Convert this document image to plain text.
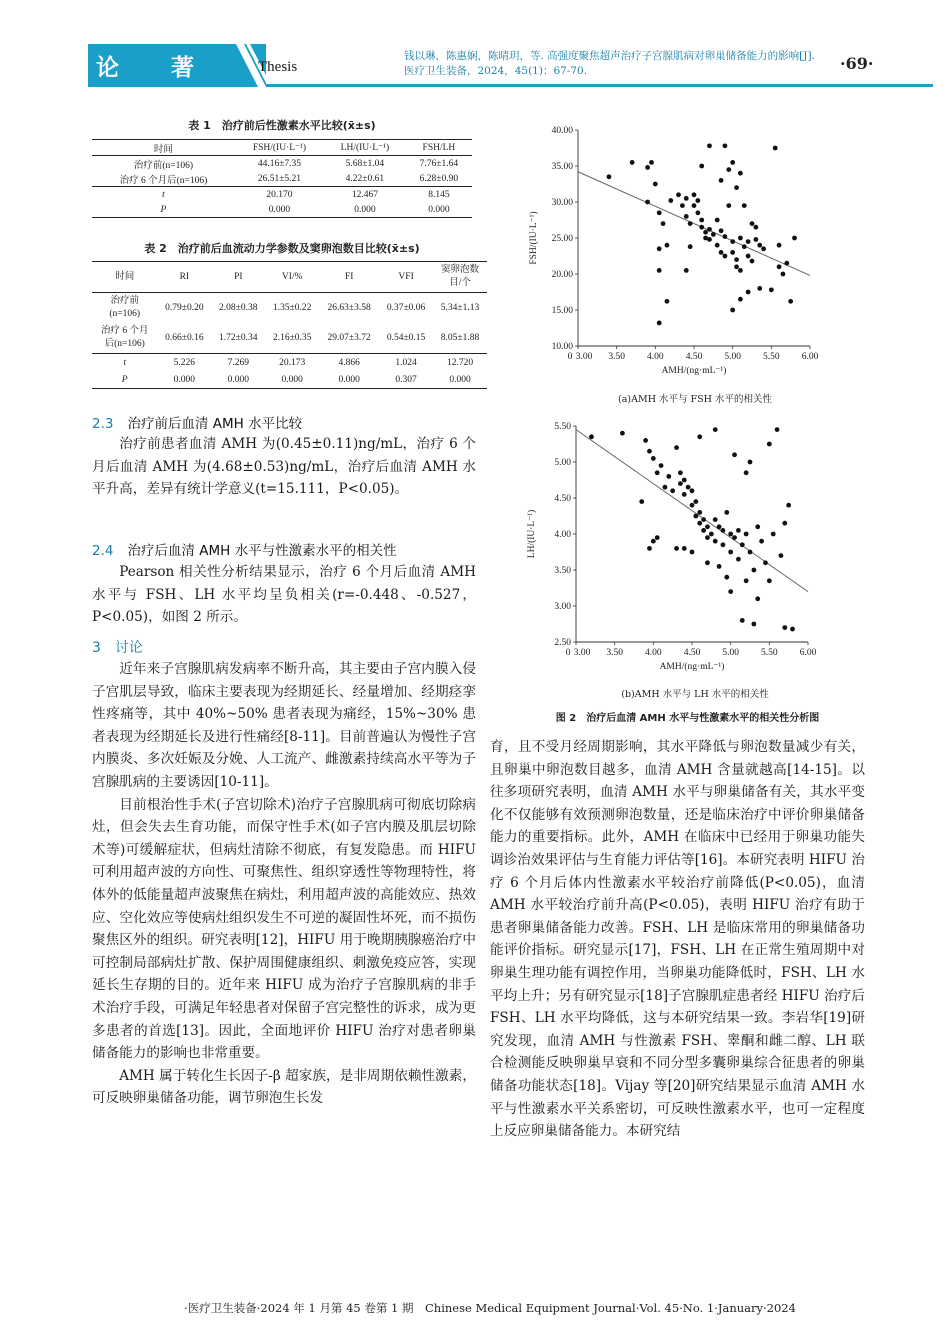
论著 Thesis
钱以琳，陈惠娴，陈晴玥，等. 高强度聚焦超声治疗子宫腺肌病对卵巢储备能力的影响[J]. 医疗卫生装备，2024，45(1)：67-70.	·69·
表 1　治疗前后性激素水平比较(x̄±s)
时间	FSH/(IU·L⁻¹)	LH/(IU·L⁻¹)	FSH/LH
治疗前(n=106)	44.16±7.35	5.68±1.04	7.76±1.64
治疗 6 个月后(n=106)	26.51±5.21	4.22±0.61	6.28±0.90
t	20.170	12.467	8.145
P	0.000	0.000	0.000
表 2　治疗前后血流动力学参数及窦卵泡数目比较(x̄±s)
时间	RI	PI	VI/%	FI	VFI	窦卵泡数
目/个
治疗前
(n=106)	0.79±0.20	2.08±0.38	1.35±0.22	26.63±3.58	0.37±0.06	5.34±1.13
治疗 6 个月
后(n=106)	0.66±0.16	1.72±0.34	2.16±0.35	29.07±3.72	0.54±0.15	8.05±1.88
t	5.226	7.269	20.173	4.866	1.024	12.720
P	0.000	0.000	0.000	0.000	0.307	0.000
2.3 治疗前后血清 AMH 水平比较

治疗前患者血清 AMH 为(0.45±0.11)ng/mL，治疗 6 个月后血清 AMH 为(4.68±0.53)ng/mL，治疗后血清 AMH 水平升高，差异有统计学意义(t=15.111，P<0.05)。

2.4 治疗后血清 AMH 水平与性激素水平的相关性

Pearson 相关性分析结果显示，治疗 6 个月后血清 AMH 水平与 FSH、LH 水平均呈负相关(r=-0.448、-0.527，P<0.05)，如图 2 所示。

3 讨论

近年来子宫腺肌病发病率不断升高，其主要由子宫内膜入侵子宫肌层导致，临床主要表现为经期延长、经量增加、经期痉挛性疼痛等，其中 40%~50% 患者表现为痛经，15%~30% 患者表现为经期延长及进行性痛经[8-11]。目前普遍认为慢性子宫内膜炎、多次妊娠及分娩、人工流产、雌激素持续高水平等为子宫腺肌病的主要诱因[10-11]。

目前根治性手术(子宫切除术)治疗子宫腺肌病可彻底切除病灶，但会失去生育功能，而保守性手术(如子宫内膜及肌层切除术等)可缓解症状，但病灶清除不彻底，有复发隐患。而 HIFU 可利用超声波的方向性、可聚焦性、组织穿透性等物理特性，将体外的低能量超声波聚焦在病灶，利用超声波的高能效应、热效应、空化效应等使病灶组织发生不可逆的凝固性坏死，而不损伤聚焦区外的组织。研究表明[12]，HIFU 用于晚期胰腺癌治疗中可控制局部病灶扩散、保护周围健康组织、刺激免疫应答，实现延长生存期的目的。近年来 HIFU 成为治疗子宫腺肌病的非手术治疗手段，可满足年轻患者对保留子宫完整性的诉求，成为更多患者的首选[13]。因此，全面地评价 HIFU 治疗对患者卵巢储备能力的影响也非常重要。

AMH 属于转化生长因子-β 超家族，是非周期依赖性激素，可反映卵巢储备功能，调节卵泡生长发

育，且不受月经周期影响，其水平降低与卵泡数量减少有关，且卵巢中卵泡数目越多，血清 AMH 含量就越高[14-15]。以往多项研究表明，血清 AMH 水平与卵巢储备有关，其水平变化不仅能够有效预测卵泡数量，还是临床治疗中评价卵巢储备能力的重要指标。此外，AMH 在临床中已经用于卵巢功能失调诊治效果评估与生育能力评估等[16]。本研究表明 HIFU 治疗 6 个月后体内性激素水平较治疗前降低(P<0.05)，血清 AMH 水平较治疗前升高(P<0.05)，表明 HIFU 治疗有助于患者卵巢储备能力改善。FSH、LH 是临床常用的卵巢储备功能评价指标。研究显示[17]，FSH、LH 在正常生殖周期中对卵巢生理功能有调控作用，当卵巢功能降低时，FSH、LH 水平均上升；另有研究显示[18]子宫腺肌症患者经 HIFU 治疗后 FSH、LH 水平均降低，这与本研究结果一致。李岩华[19]研究发现，血清 AMH 与性激素 FSH、睾酮和雌二醇、LH 联合检测能反映卵巢早衰和不同分型多囊卵巢综合征患者的卵巢储备功能状态[18]。Vijay 等[20]研究结果显示血清 AMH 水平与性激素水平关系密切，可反映性激素水平，也可一定程度上反应卵巢储备能力。本研究结

10.00
15.00
20.00
25.00
30.00
35.00
40.00
3.00 3.50 4.00 4.50 5.00 5.50 6.00
0
AMH/(ng·mL⁻¹)
FSH/(IU·L⁻¹)
(a)AMH 水平与 FSH 水平的相关性
2.50
3.00
3.50
4.00
4.50
5.00
5.50
3.00 3.50 4.00 4.50 5.00 5.50 6.00
0
AMH/(ng·mL⁻¹)
LH/(IU·L⁻¹)
(b)AMH 水平与 LH 水平的相关性
图 2　治疗后血清 AMH 水平与性激素水平的相关性分析图
·医疗卫生装备·2024 年 1 月第 45 卷第 1 期　Chinese Medical Equipment Journal·Vol. 45·No. 1·January·2024
